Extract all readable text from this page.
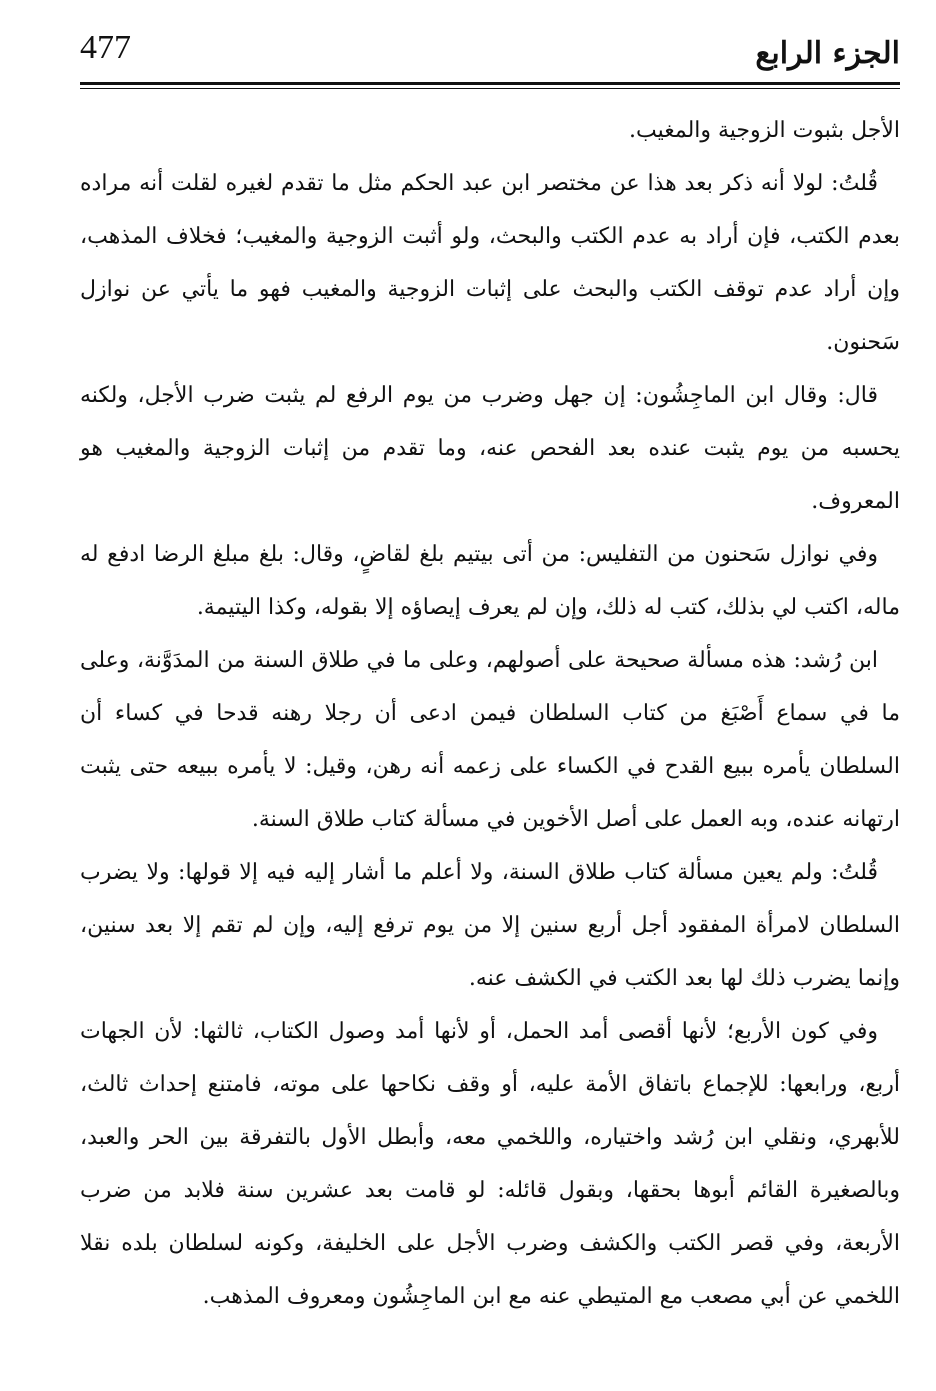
الجزء الرابع
477

الأجل بثبوت الزوجية والمغيب.

قُلتُ: لولا أنه ذكر بعد هذا عن مختصر ابن عبد الحكم مثل ما تقدم لغيره لقلت أنه مراده بعدم الكتب، فإن أراد به عدم الكتب والبحث، ولو أثبت الزوجية والمغيب؛ فخلاف المذهب، وإن أراد عدم توقف الكتب والبحث على إثبات الزوجية والمغيب فهو ما يأتي عن نوازل سَحنون.

قال: وقال ابن الماجِشُون: إن جهل وضرب من يوم الرفع لم يثبت ضرب الأجل، ولكنه يحسبه من يوم يثبت عنده بعد الفحص عنه، وما تقدم من إثبات الزوجية والمغيب هو المعروف.

وفي نوازل سَحنون من التفليس: من أتى بيتيم بلغ لقاضٍ، وقال: بلغ مبلغ الرضا ادفع له ماله، اكتب لي بذلك، كتب له ذلك، وإن لم يعرف إيصاؤه إلا بقوله، وكذا اليتيمة.

ابن رُشد: هذه مسألة صحيحة على أصولهم، وعلى ما في طلاق السنة من المدَوَّنة، وعلى ما في سماع أَصْبَغ من كتاب السلطان فيمن ادعى أن رجلا رهنه قدحا في كساء أن السلطان يأمره ببيع القدح في الكساء على زعمه أنه رهن، وقيل: لا يأمره ببيعه حتى يثبت ارتهانه عنده، وبه العمل على أصل الأخوين في مسألة كتاب طلاق السنة.

قُلتُ: ولم يعين مسألة كتاب طلاق السنة، ولا أعلم ما أشار إليه فيه إلا قولها: ولا يضرب السلطان لامرأة المفقود أجل أربع سنين إلا من يوم ترفع إليه، وإن لم تقم إلا بعد سنين، وإنما يضرب ذلك لها بعد الكتب في الكشف عنه.

وفي كون الأربع؛ لأنها أقصى أمد الحمل، أو لأنها أمد وصول الكتاب، ثالثها: لأن الجهات أربع، ورابعها: للإجماع باتفاق الأمة عليه، أو وقف نكاحها على موته، فامتنع إحداث ثالث، للأبهري، ونقلي ابن رُشد واختياره، واللخمي معه، وأبطل الأول بالتفرقة بين الحر والعبد، وبالصغيرة القائم أبوها بحقها، وبقول قائله: لو قامت بعد عشرين سنة فلابد من ضرب الأربعة، وفي قصر الكتب والكشف وضرب الأجل على الخليفة، وكونه لسلطان بلده نقلا اللخمي عن أبي مصعب مع المتيطي عنه مع ابن الماجِشُون ومعروف المذهب.
